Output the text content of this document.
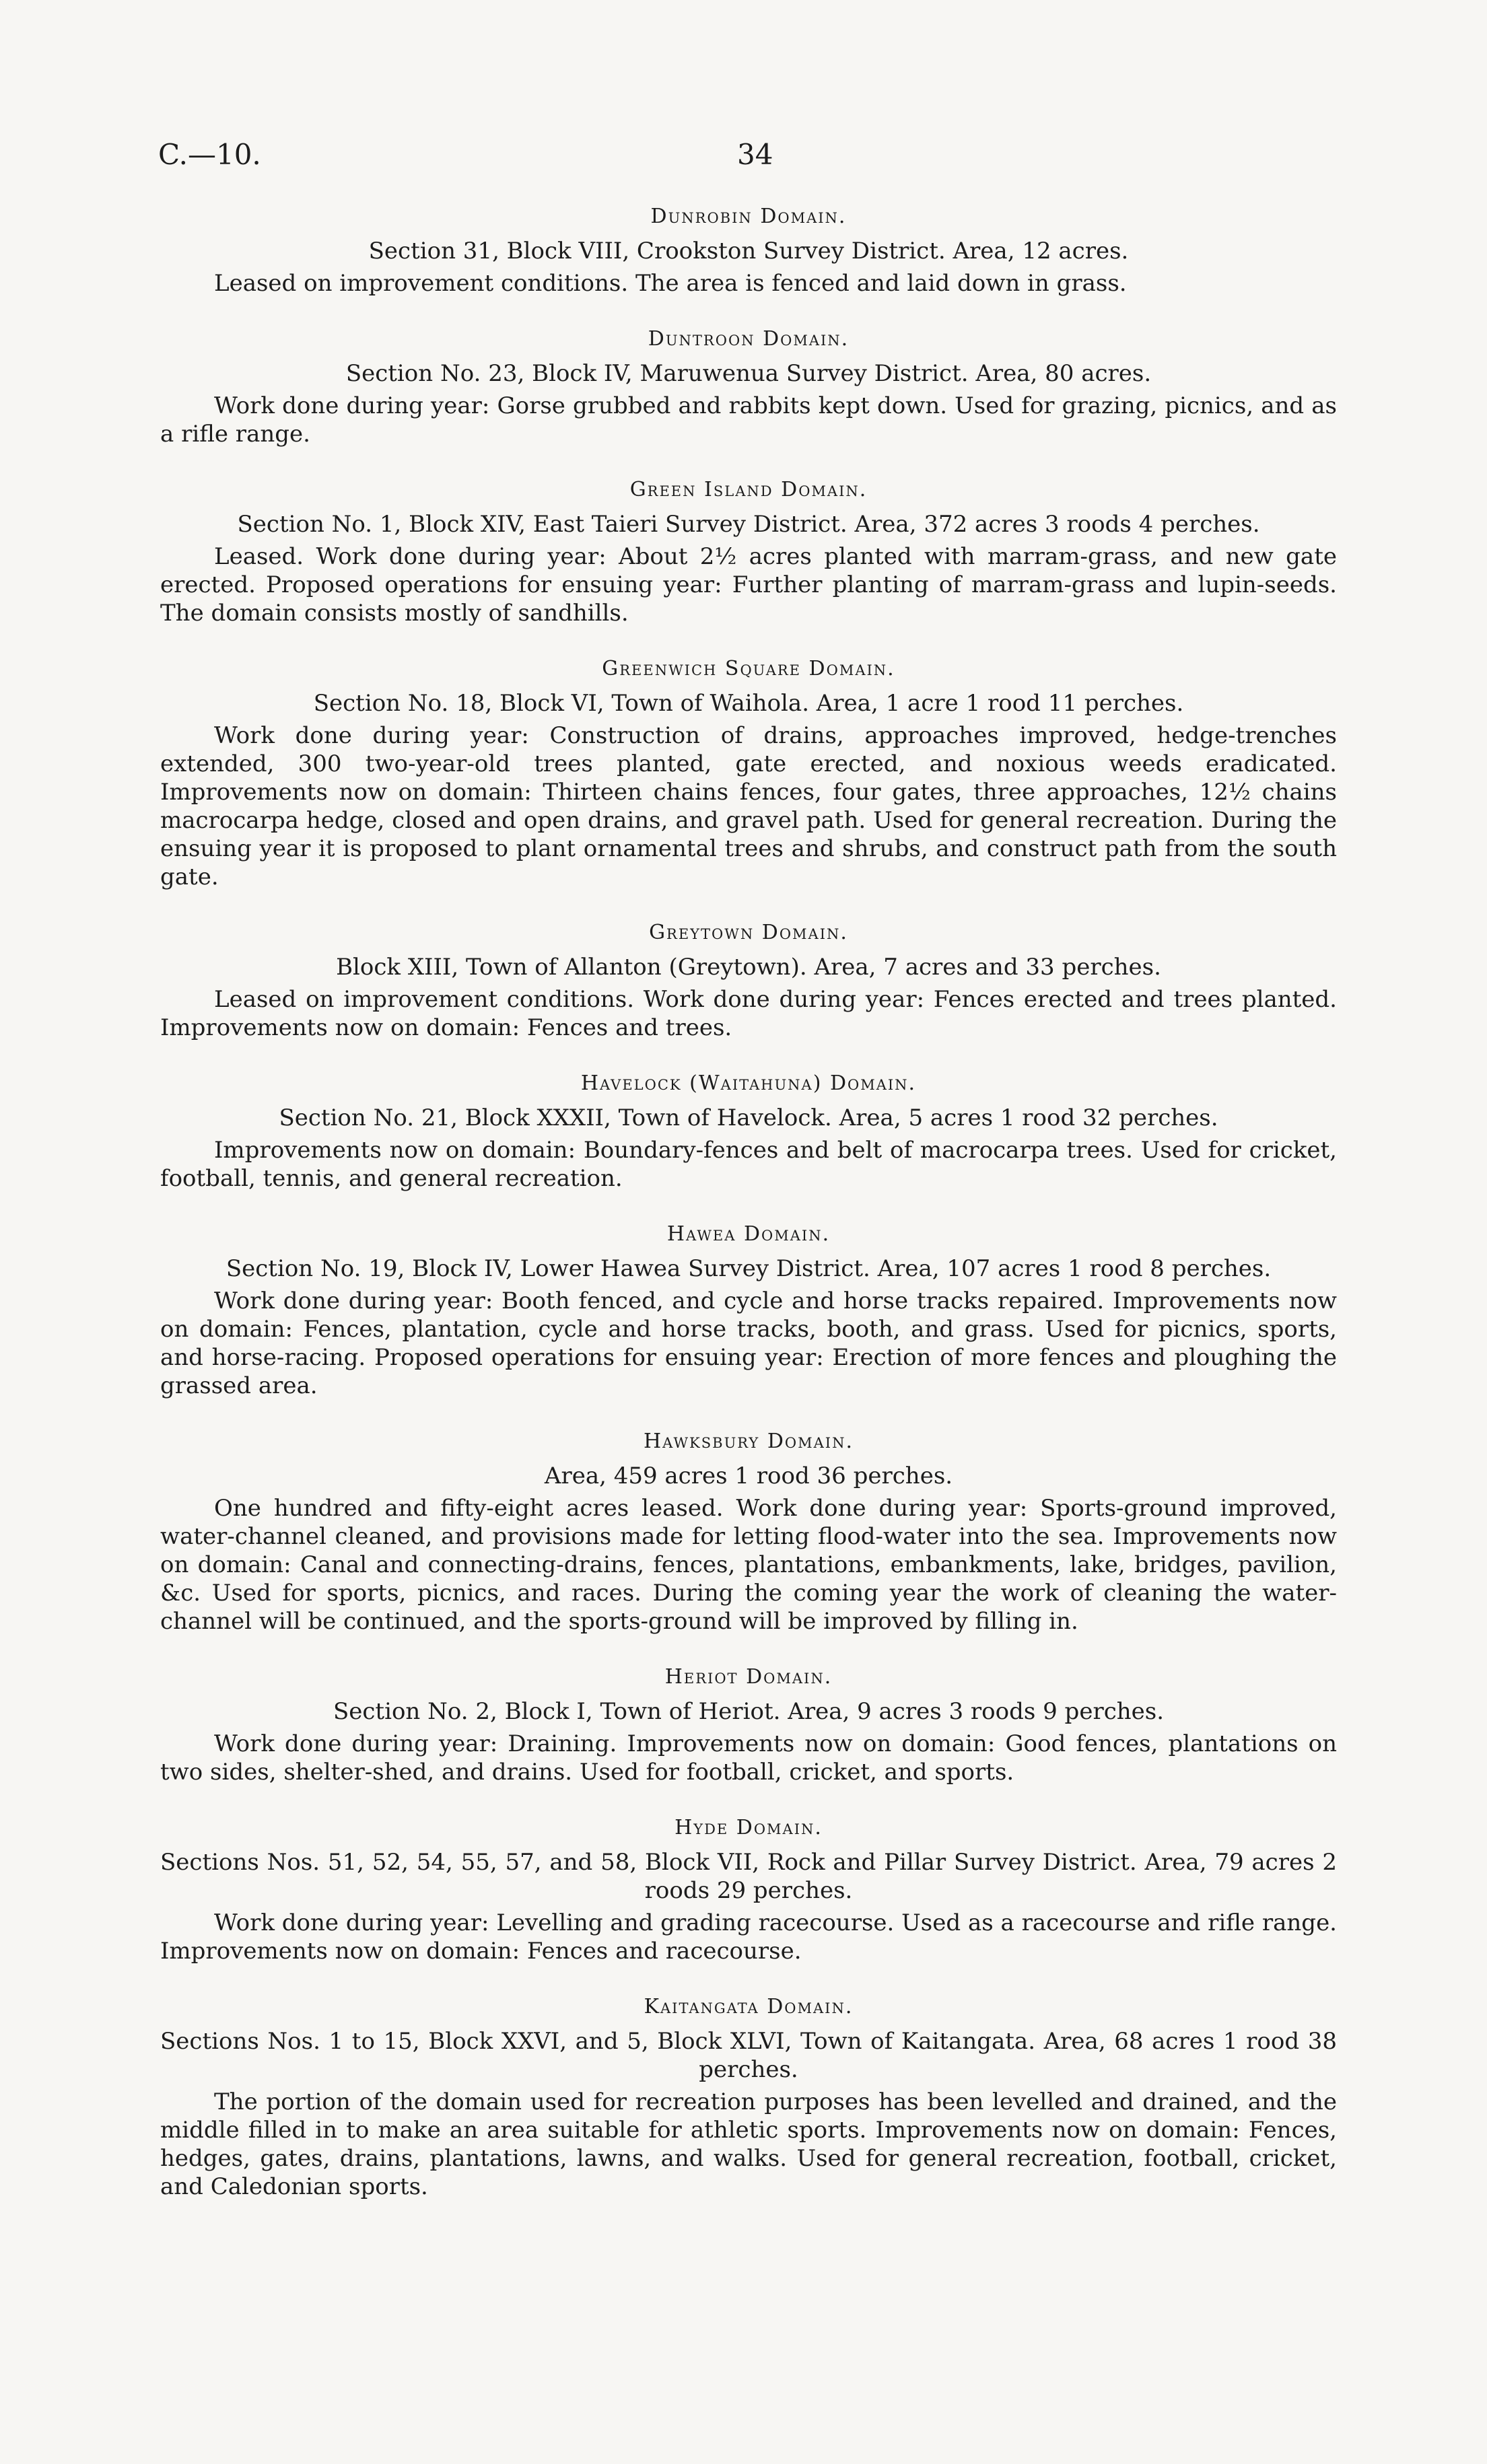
C.—10.	34
Dunrobin Domain.

Section 31, Block VIII, Crookston Survey District. Area, 12 acres.

Leased on improvement conditions. The area is fenced and laid down in grass.

Duntroon Domain.

Section No. 23, Block IV, Maruwenua Survey District. Area, 80 acres.

Work done during year: Gorse grubbed and rabbits kept down. Used for grazing, picnics, and as a rifle range.

Green Island Domain.

Section No. 1, Block XIV, East Taieri Survey District. Area, 372 acres 3 roods 4 perches.

Leased. Work done during year: About 2½ acres planted with marram-grass, and new gate erected. Proposed operations for ensuing year: Further planting of marram-grass and lupin-seeds. The domain consists mostly of sandhills.

Greenwich Square Domain.

Section No. 18, Block VI, Town of Waihola. Area, 1 acre 1 rood 11 perches.

Work done during year: Construction of drains, approaches improved, hedge-trenches extended, 300 two-year-old trees planted, gate erected, and noxious weeds eradicated. Improvements now on domain: Thirteen chains fences, four gates, three approaches, 12½ chains macrocarpa hedge, closed and open drains, and gravel path. Used for general recreation. During the ensuing year it is proposed to plant ornamental trees and shrubs, and construct path from the south gate.

Greytown Domain.

Block XIII, Town of Allanton (Greytown). Area, 7 acres and 33 perches.

Leased on improvement conditions. Work done during year: Fences erected and trees planted. Improvements now on domain: Fences and trees.

Havelock (Waitahuna) Domain.

Section No. 21, Block XXXII, Town of Havelock. Area, 5 acres 1 rood 32 perches.

Improvements now on domain: Boundary-fences and belt of macrocarpa trees. Used for cricket, football, tennis, and general recreation.

Hawea Domain.

Section No. 19, Block IV, Lower Hawea Survey District. Area, 107 acres 1 rood 8 perches.

Work done during year: Booth fenced, and cycle and horse tracks repaired. Improvements now on domain: Fences, plantation, cycle and horse tracks, booth, and grass. Used for picnics, sports, and horse-racing. Proposed operations for ensuing year: Erection of more fences and ploughing the grassed area.

Hawksbury Domain.

Area, 459 acres 1 rood 36 perches.

One hundred and fifty-eight acres leased. Work done during year: Sports-ground improved, water-channel cleaned, and provisions made for letting flood-water into the sea. Improvements now on domain: Canal and connecting-drains, fences, plantations, embankments, lake, bridges, pavilion, &c. Used for sports, picnics, and races. During the coming year the work of cleaning the water-channel will be continued, and the sports-ground will be improved by filling in.

Heriot Domain.

Section No. 2, Block I, Town of Heriot. Area, 9 acres 3 roods 9 perches.

Work done during year: Draining. Improvements now on domain: Good fences, plantations on two sides, shelter-shed, and drains. Used for football, cricket, and sports.

Hyde Domain.

Sections Nos. 51, 52, 54, 55, 57, and 58, Block VII, Rock and Pillar Survey District. Area, 79 acres 2 roods 29 perches.

Work done during year: Levelling and grading racecourse. Used as a racecourse and rifle range. Improvements now on domain: Fences and racecourse.

Kaitangata Domain.

Sections Nos. 1 to 15, Block XXVI, and 5, Block XLVI, Town of Kaitangata. Area, 68 acres 1 rood 38 perches.

The portion of the domain used for recreation purposes has been levelled and drained, and the middle filled in to make an area suitable for athletic sports. Improvements now on domain: Fences, hedges, gates, drains, plantations, lawns, and walks. Used for general recreation, football, cricket, and Caledonian sports.
